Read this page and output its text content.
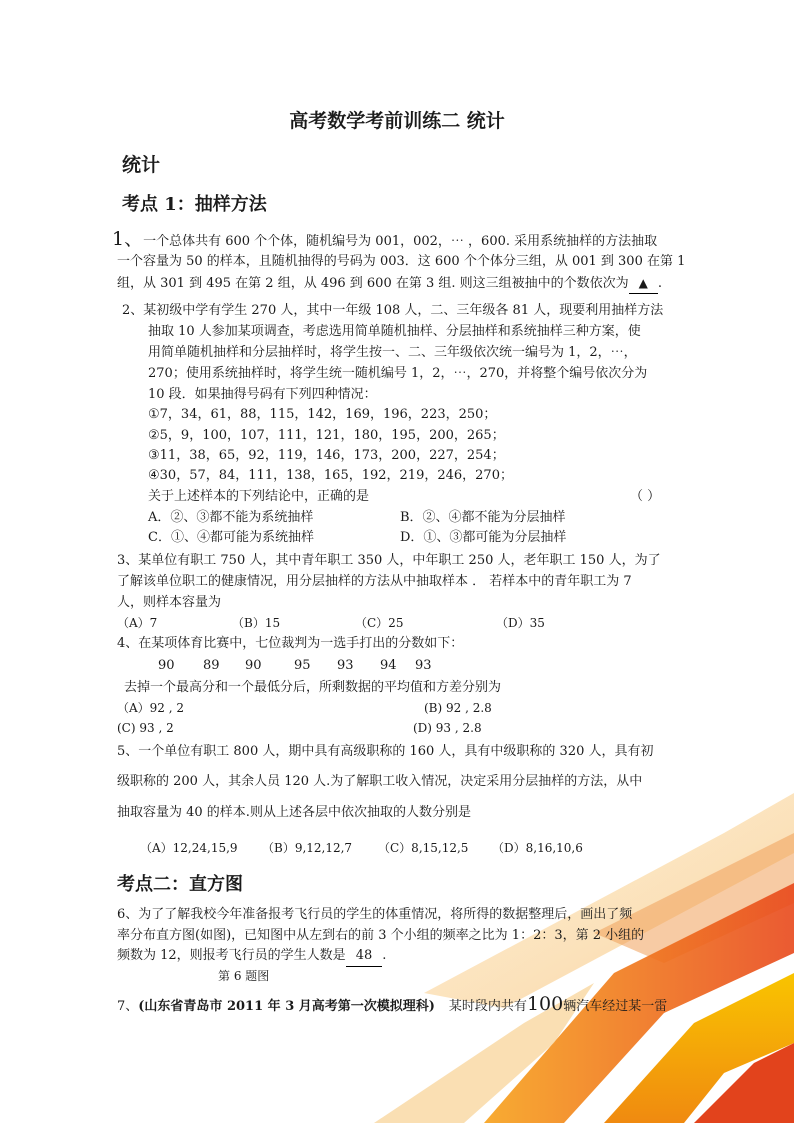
高考数学考前训练二 统计
统计
考点 1：抽样方法
1、一个总体共有 600 个个体，随机编号为 001，002，⋯ ，600. 采用系统抽样的方法抽取
一个容量为 50 的样本，且随机抽得的号码为 003．这 600 个个体分三组，从 001 到 300 在第 1
组，从 301 到 495 在第 2 组，从 496 到 600 在第 3 组. 则这三组被抽中的个数依次为 ▲ .
2、某初级中学有学生 270 人，其中一年级 108 人，二、三年级各 81 人，现要利用抽样方法
抽取 10 人参加某项调查，考虑选用简单随机抽样、分层抽样和系统抽样三种方案，使
用简单随机抽样和分层抽样时，将学生按一、二、三年级依次统一编号为 1，2，⋯，
270；使用系统抽样时，将学生统一随机编号 1，2，⋯，270，并将整个编号依次分为
10 段．如果抽得号码有下列四种情况：
①7，34，61，88，115，142，169，196，223，250；
②5，9，100，107，111，121，180，195，200，265；
③11，38，65，92，119，146，173，200，227，254；
④30，57，84，111，138，165，192，219，246，270；
关于上述样本的下列结论中，正确的是	（ ）
A．②、③都不能为系统抽样	B．②、④都不能为分层抽样
C．①、④都可能为系统抽样	D．①、③都可能为分层抽样
3、某单位有职工 750 人，其中青年职工 350 人，中年职工 250 人，老年职工 150 人，为了
了解该单位职工的健康情况，用分层抽样的方法从中抽取样本 ． 若样本中的青年职工为 7
人，则样本容量为
（A）7	（B）15	（C）25	（D）35
4、在某项体育比赛中，七位裁判为一选手打出的分数如下：
90 89 90 95 93 94 93
去掉一个最高分和一个最低分后，所剩数据的平均值和方差分别为
（A）92 , 2	(B) 92 , 2.8
(C) 93 , 2	(D) 93 , 2.8
5、一个单位有职工 800 人，期中具有高级职称的 160 人，具有中级职称的 320 人，具有初
级职称的 200 人，其余人员 120 人.为了解职工收入情况，决定采用分层抽样的方法，从中
抽取容量为 40 的样本.则从上述各层中依次抽取的人数分别是
（A）12,24,15,9 （B）9,12,12,7 （C）8,15,12,5 （D）8,16,10,6
考点二：直方图
6、为了了解我校今年准备报考飞行员的学生的体重情况，将所得的数据整理后，画出了频
率分布直方图(如图)，已知图中从左到右的前 3 个小组的频率之比为 1：2：3，第 2 小组的
频数为 12，则报考飞行员的学生人数是 48 .
第 6 题图
7、(山东省青岛市 2011 年 3 月高考第一次模拟理科) 某时段内共有100辆汽车经过某一雷
